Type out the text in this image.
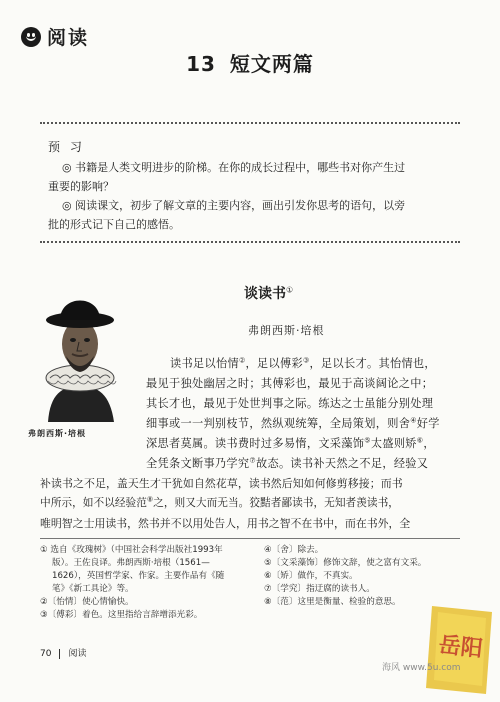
阅读
13 短文两篇
预 习
◎ 书籍是人类文明进步的阶梯。在你的成长过程中，哪些书对你产生过
重要的影响？
◎ 阅读课文，初步了解文章的主要内容，画出引发你思考的语句，以旁
批的形式记下自己的感悟。
谈读书①
弗朗西斯·培根
弗朗西斯·培根
读书足以怡情②，足以傅彩③，足以长才。其怡情也，
最见于独处幽居之时；其傅彩也，最见于高谈阔论之中；
其长才也，最见于处世判事之际。练达之士虽能分别处理
细事或一一判别枝节，然纵观统筹，全局策划，则舍④好学
深思者莫属。读书费时过多易惰，文采藻饰⑤太盛则矫⑥，
全凭条文断事乃学究⑦故态。读书补天然之不足，经验又
补读书之不足，盖天生才干犹如自然花草，读书然后知如何修剪移接；而书
中所示，如不以经验范⑧之，则又大而无当。狡黠者鄙读书，无知者羡读书，
唯明智之士用读书，然书并不以用处告人，用书之智不在书中，而在书外，全
① 选自《玫瑰树》（中国社会科学出版社1993年
版）。王佐良译。弗朗西斯·培根（1561—
1626），英国哲学家、作家。主要作品有《随
笔》《新工具论》等。
②〔怡情〕使心情愉快。
③〔傅彩〕着色。这里指给言辞增添光彩。
④〔舍〕除去。
⑤〔文采藻饰〕修饰文辞，使之富有文采。
⑥〔矫〕做作，不真实。
⑦〔学究〕指迂腐的读书人。
⑧〔范〕这里是衡量、检验的意思。
70 阅读	岳阳
海风 www.5u.com
